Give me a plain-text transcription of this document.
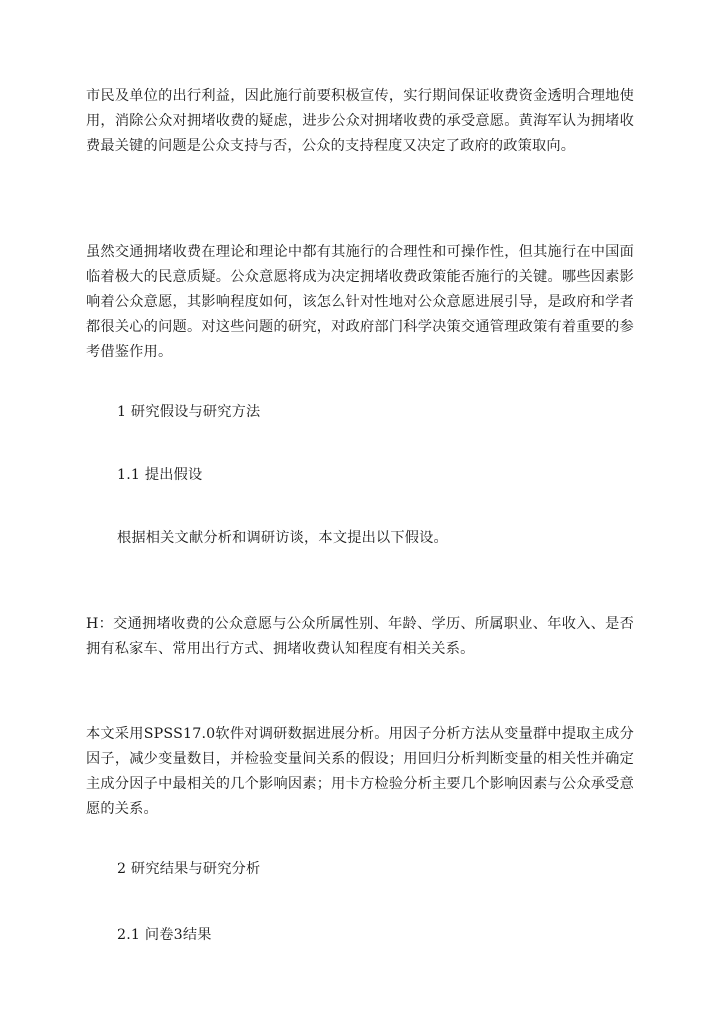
市民及单位的出行利益，因此施行前要积极宣传，实行期间保证收费资金透明合理地使用，消除公众对拥堵收费的疑虑，进步公众对拥堵收费的承受意愿。黄海军认为拥堵收费最关键的问题是公众支持与否，公众的支持程度又决定了政府的政策取向。

虽然交通拥堵收费在理论和理论中都有其施行的合理性和可操作性，但其施行在中国面临着极大的民意质疑。公众意愿将成为决定拥堵收费政策能否施行的关键。哪些因素影响着公众意愿，其影响程度如何，该怎么针对性地对公众意愿进展引导，是政府和学者都很关心的问题。对这些问题的研究，对政府部门科学决策交通管理政策有着重要的参考借鉴作用。

1 研究假设与研究方法

1.1 提出假设

根据相关文献分析和调研访谈，本文提出以下假设。

H：交通拥堵收费的公众意愿与公众所属性别、年龄、学历、所属职业、年收入、是否拥有私家车、常用出行方式、拥堵收费认知程度有相关关系。

本文采用SPSS17.0软件对调研数据进展分析。用因子分析方法从变量群中提取主成分因子，减少变量数目，并检验变量间关系的假设；用回归分析判断变量的相关性并确定主成分因子中最相关的几个影响因素；用卡方检验分析主要几个影响因素与公众承受意愿的关系。

2 研究结果与研究分析

2.1 问卷3结果
